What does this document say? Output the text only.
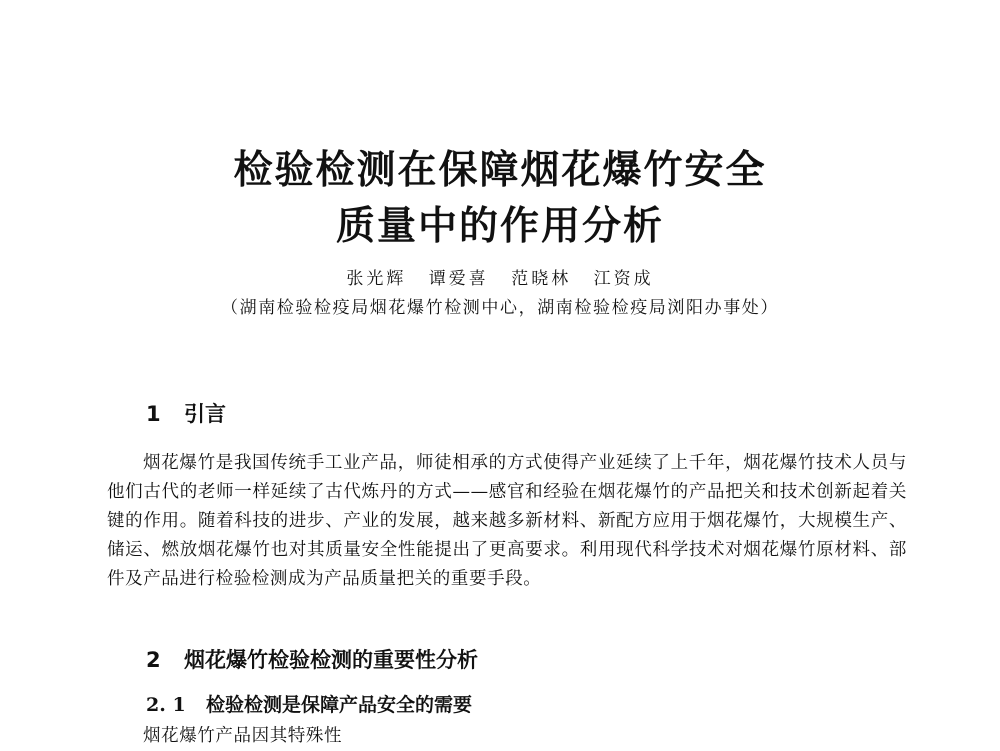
检验检测在保障烟花爆竹安全
质量中的作用分析
张光辉 谭爱喜 范晓林 江资成
（湖南检验检疫局烟花爆竹检测中心，湖南检验检疫局浏阳办事处）
1 引言

烟花爆竹是我国传统手工业产品，师徒相承的方式使得产业延续了上千年，烟花爆竹技术人员与他们古代的老师一样延续了古代炼丹的方式——感官和经验在烟花爆竹的产品把关和技术创新起着关键的作用。随着科技的进步、产业的发展，越来越多新材料、新配方应用于烟花爆竹，大规模生产、储运、燃放烟花爆竹也对其质量安全性能提出了更高要求。利用现代科学技术对烟花爆竹原材料、部件及产品进行检验检测成为产品质量把关的重要手段。

2 烟花爆竹检验检测的重要性分析
2. 1 检验检测是保障产品安全的需要
烟花爆竹产品因其特殊性
